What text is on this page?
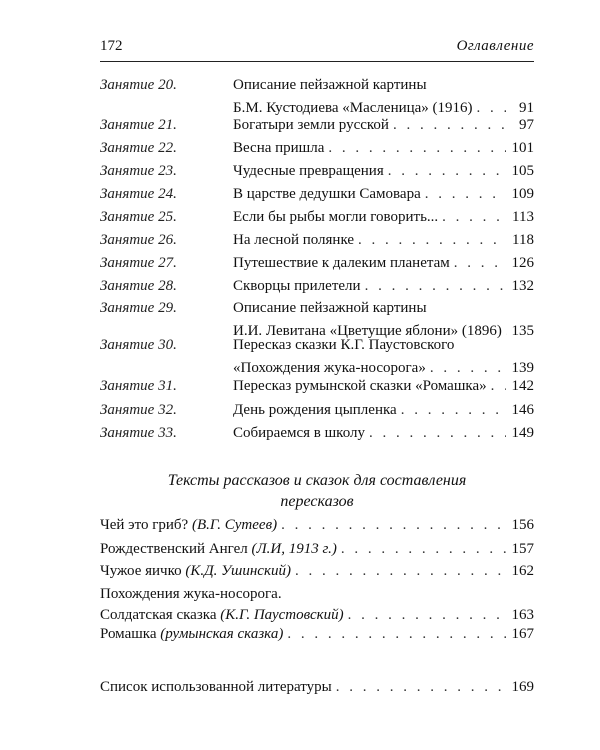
172	Оглавление
Занятие 20.	Описание пейзажной картины
Б.М. Кустодиева «Масленица» (1916) . . .	91
Занятие 21.	Богатыри земли русской . . .	97
Занятие 22.	Весна пришла . . .	101
Занятие 23.	Чудесные превращения . . .	105
Занятие 24.	В царстве дедушки Самовара . . .	109
Занятие 25.	Если бы рыбы могли говорить... . . .	113
Занятие 26.	На лесной полянке . . .	118
Занятие 27.	Путешествие к далеким планетам . . .	126
Занятие 28.	Скворцы прилетели . . .	132
Занятие 29.	Описание пейзажной картины
И.И. Левитана «Цветущие яблони» (1896) . . . 135
Занятие 30.	Пересказ сказки К.Г. Паустовского
«Похождения жука-носорога» . . .	139
Занятие 31.	Пересказ румынской сказки «Ромашка» . . . 142
Занятие 32.	День рождения цыпленка . . .	146
Занятие 33.	Собираемся в школу . . .	149
Тексты рассказов и сказок для составления
пересказов
Чей это гриб? (В.Г. Сутеев) . . .	156
Рождественский Ангел (Л.И, 1913 г.) . . .	157
Чужое яичко (К.Д. Ушинский) . . .	162
Похождения жука-носорога.
Солдатская сказка (К.Г. Паустовский) . . .	163
Ромашка (румынская сказка) . . .	167
Список использованной литературы . . .	169
